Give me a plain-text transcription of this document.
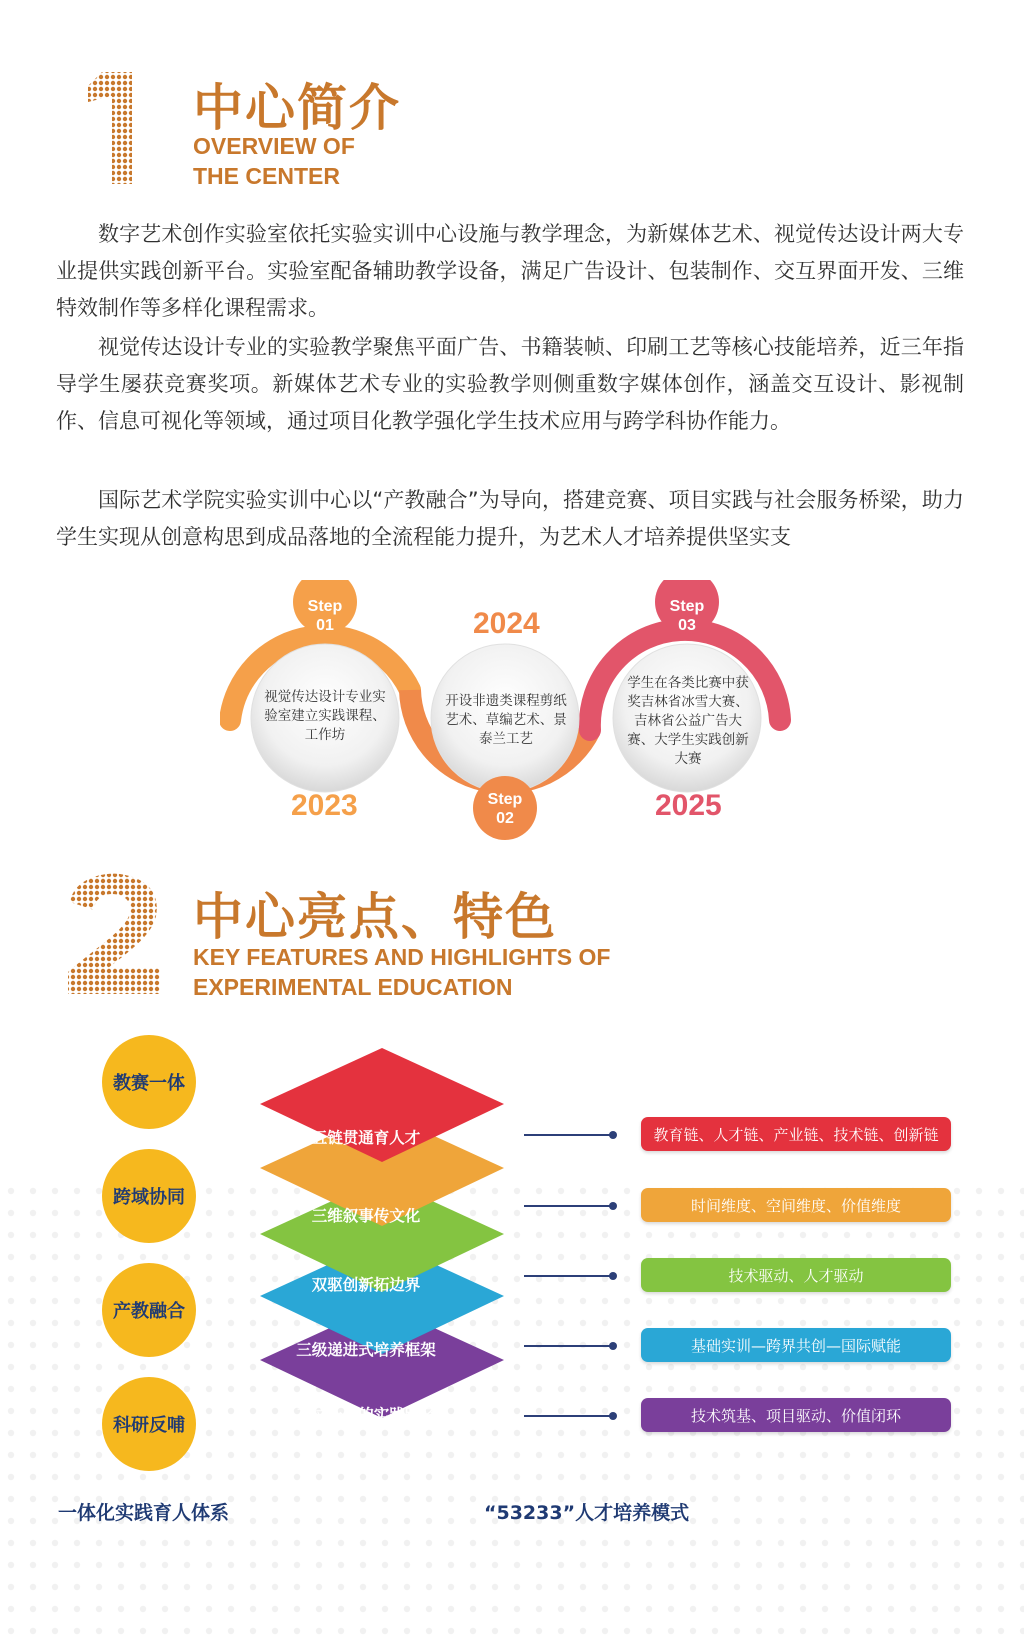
中心简介
OVERVIEW OF
THE CENTER

数字艺术创作实验室依托实验实训中心设施与教学理念，为新媒体艺术、视觉传达设计两大专业提供实践创新平台。实验室配备辅助教学设备，满足广告设计、包装制作、交互界面开发、三维特效制作等多样化课程需求。

视觉传达设计专业的实验教学聚焦平面广告、书籍装帧、印刷工艺等核心技能培养，近三年指导学生屡获竞赛奖项。新媒体艺术专业的实验教学则侧重数字媒体创作，涵盖交互设计、影视制作、信息可视化等领域，通过项目化教学强化学生技术应用与跨学科协作能力。

国际艺术学院实验实训中心以“产教融合”为导向，搭建竞赛、项目实践与社会服务桥梁，助力学生实现从创意构思到成品落地的全流程能力提升，为艺术人才培养提供坚实支

Step
01
Step
02
Step
03
视觉传达设计专业实验室建立实践课程、工作坊
开设非遗类课程剪纸艺术、草编艺术、景泰兰工艺
学生在各类比赛中获奖吉林省冰雪大赛、吉林省公益广告大赛、大学生实践创新大赛
2023
2024
2025
中心亮点、特色
KEY FEATURES AND HIGHLIGHTS OF
EXPERIMENTAL EDUCATION
教赛一体
跨域协同
产教融合
科研反哺
五链贯通育人才
三维叙事传文化
双驱创新拓边界
三级递进式培养框架
三位一体的实践路径
教育链、人才链、产业链、技术链、创新链
时间维度、空间维度、价值维度
技术驱动、人才驱动
基础实训—跨界共创—国际赋能
技术筑基、项目驱动、价值闭环
一体化实践育人体系	“53233”人才培养模式
